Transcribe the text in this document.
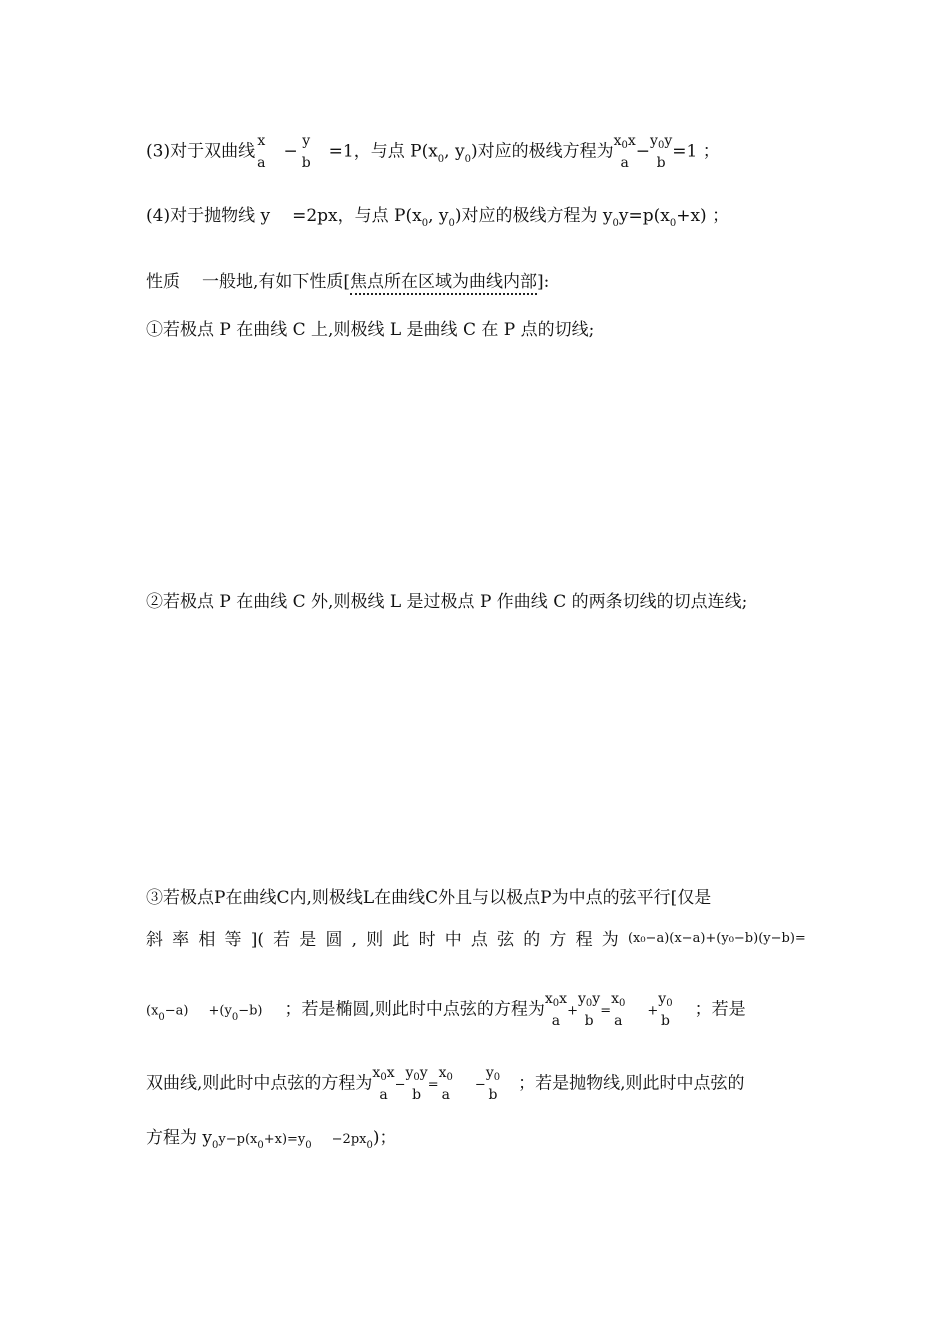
(3)对于双曲线
x
a
−
y
b
=1，与点 $P(x_0$, $y_0$)对应的极线方程为
$x_0x$
a
−
$y_0y$
b
=1 ；
(4)对于抛物线 y =2px，与点 $P(x_0$, $y_0$)对应的极线方程为 $y_0y=p(x_0+x)$ ；
性质 一般地,有如下性质[焦点所在区域为曲线内部]:
①若极点 P 在曲线 C 上,则极线 L 是曲线 C 在 P 点的切线;
②若极点 P 在曲线 C 外,则极线 L 是过极点 P 作曲线 C 的两条切线的切点连线;
③若极点P在曲线C内,则极线L在曲线C外且与以极点P为中点的弦平行[仅是
斜 率 相 等 ]( 若 是 圆 , 则 此 时 中 点 弦 的 方 程 为 (x₀−a)(x−a)+(y₀−b)(y−b)=
$(x_0-a) +(y_0-b)$ ；若是椭圆,则此时中点弦的方程为
$x_0x$
a
+
$y_0y$
b
=
$x_0$
a
+
$y_0$
b
；若是
双曲线,则此时中点弦的方程为
$x_0x$
a
−
$y_0y$
b
=
$x_0$
a
−
$y_0$
b
；若是抛物线,则此时中点弦的
方程为 $y_0y-p(x_0+x)=y_0 -2px_0$)；
